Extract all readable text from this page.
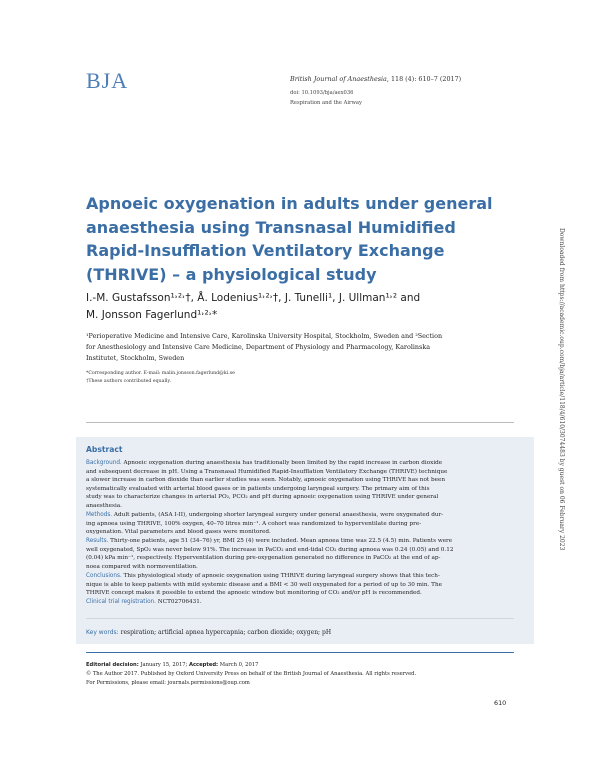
BJA	British Journal of Anaesthesia, 118 (4): 610–7 (2017)
doi: 10.1093/bja/aex036
Respiration and the Airway
Apnoeic oxygenation in adults under general
anaesthesia using Transnasal Humidified
Rapid-Insufflation Ventilatory Exchange
(THRIVE) – a physiological study
I.-M. Gustafsson¹˒²˒†, Å. Lodenius¹˒²˒†, J. Tunelli¹, J. Ullman¹˒² and
M. Jonsson Fagerlund¹˒²˒*
¹Perioperative Medicine and Intensive Care, Karolinska University Hospital, Stockholm, Sweden and ²Section
for Anesthesiology and Intensive Care Medicine, Department of Physiology and Pharmacology, Karolinska
Institutet, Stockholm, Sweden
*Corresponding author. E-mail: malin.jonsson.fagerlund@ki.se
†These authors contributed equally.
Abstract
Background. Apnoeic oxygenation during anaesthesia has traditionally been limited by the rapid increase in carbon dioxide
and subsequent decrease in pH. Using a Transnasal Humidified Rapid-Insufflation Ventilatory Exchange (THRIVE) technique
a slower increase in carbon dioxide than earlier studies was seen. Notably, apnoeic oxygenation using THRIVE has not been
systematically evaluated with arterial blood gases or in patients undergoing laryngeal surgery. The primary aim of this
study was to characterize changes in arterial PO₂, PCO₂ and pH during apnoeic oxygenation using THRIVE under general
anaesthesia.
Methods. Adult patients, (ASA I-II), undergoing shorter laryngeal surgery under general anaesthesia, were oxygenated dur-
ing apnoea using THRIVE, 100% oxygen, 40–70 litres min⁻¹. A cohort was randomized to hyperventilate during pre-
oxygenation. Vital parameters and blood gases were monitored.
Results. Thirty-one patients, age 51 (34–76) yr, BMI 25 (4) were included. Mean apnoea time was 22.5 (4.5) min. Patients were
well oxygenated, SpO₂ was never below 91%. The increase in PaCO₂ and end-tidal CO₂ during apnoea was 0.24 (0.05) and 0.12
(0.04) kPa min⁻¹, respectively. Hyperventilation during pre-oxygenation generated no difference in PaCO₂ at the end of ap-
noea compared with normoventilation.
Conclusions. This physiological study of apnoeic oxygenation using THRIVE during laryngeal surgery shows that this tech-
nique is able to keep patients with mild systemic disease and a BMI < 30 well oxygenated for a period of up to 30 min. The
THRIVE concept makes it possible to extend the apnoeic window but monitoring of CO₂ and/or pH is recommended.
Clinical trial registration. NCT02706431.
Key words: respiration; artificial apnea hypercapnia; carbon dioxide; oxygen; pH
Editorial decision: January 15, 2017; Accepted: March 0, 2017
© The Author 2017. Published by Oxford University Press on behalf of the British Journal of Anaesthesia. All rights reserved.
For Permissions, please email: journals.permissions@oup.com
610
Downloaded from https://academic.oup.com/bja/article/118/4/610/3074483 by guest on 06 February 2023
